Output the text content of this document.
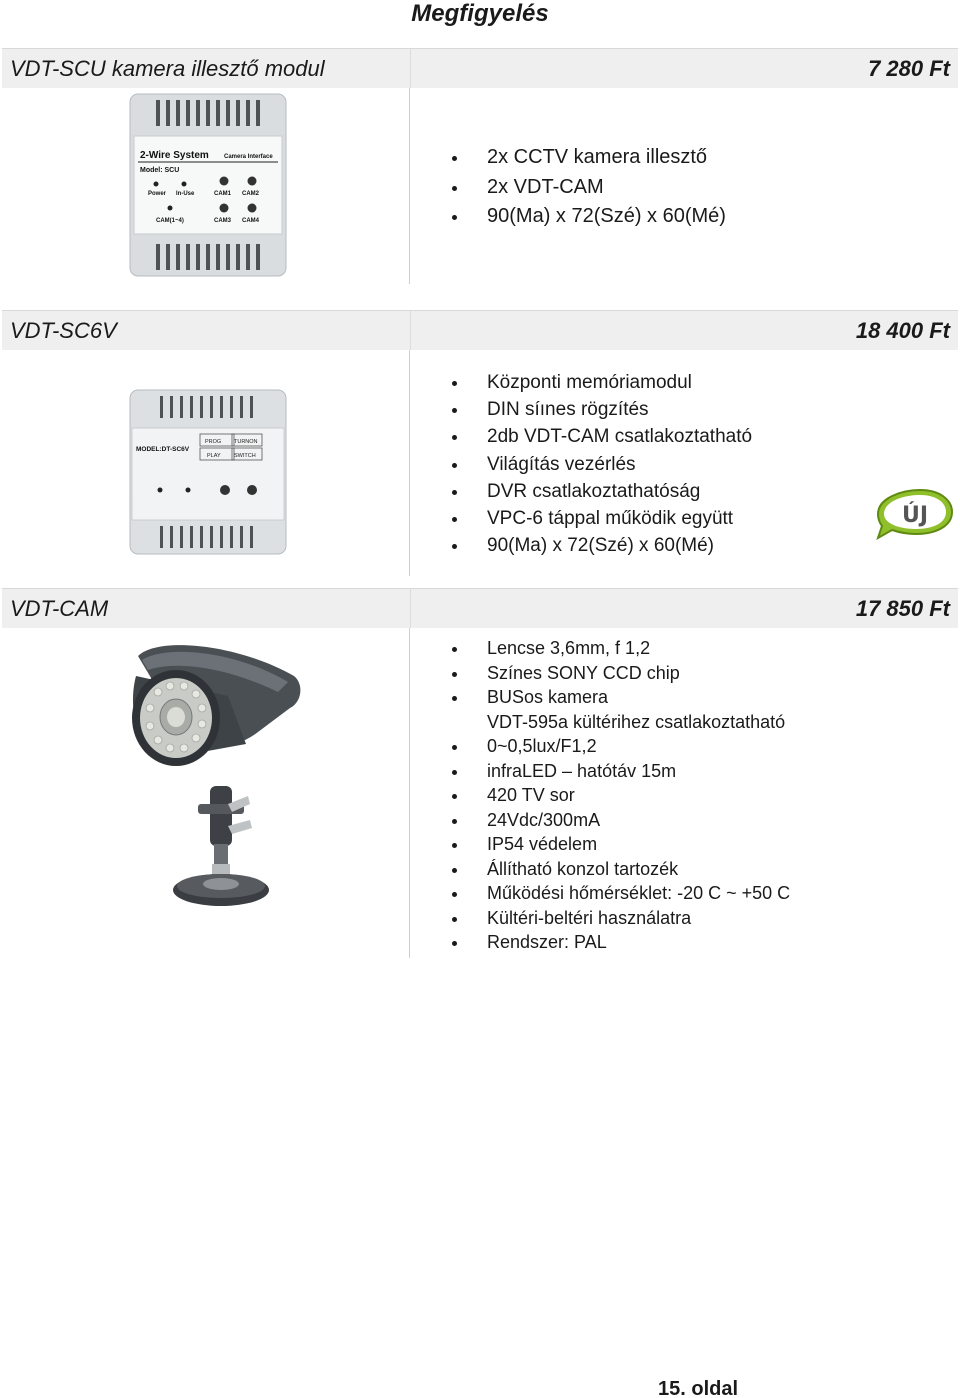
Megfigyelés
VDT-SCU kamera illesztő modul	7 280 Ft
2-Wire System	Camera Interface
Model: SCU
Power In-Use	CAM1 CAM2
CAM(1~4)	CAM3 CAM4
2x CCTV kamera illesztő
2x VDT-CAM
90(Ma) x 72(Szé) x 60(Mé)
VDT-SC6V	18 400 Ft
MODEL:DT-SC6V
PROG TURNON
PLAY SWITCH
Központi memóriamodul
DIN síınes rögzítés
2db VDT-CAM csatlakoztatható
Világítás vezérlés
DVR csatlakoztathatóság
VPC-6 táppal működik együtt
90(Ma) x 72(Szé) x 60(Mé)
ÚJ
VDT-CAM	17 850 Ft
Lencse 3,6mm, f 1,2
Színes SONY CCD chip
BUSos kamera
VDT-595a kültérihez csatlakoztatható
0~0,5lux/F1,2
infraLED – hatótáv 15m
420 TV sor
24Vdc/300mA
IP54 védelem
Állítható konzol tartozék
Működési hőmérséklet: -20 C ~ +50 C
Kültéri-beltéri használatra
Rendszer: PAL
15. oldal
